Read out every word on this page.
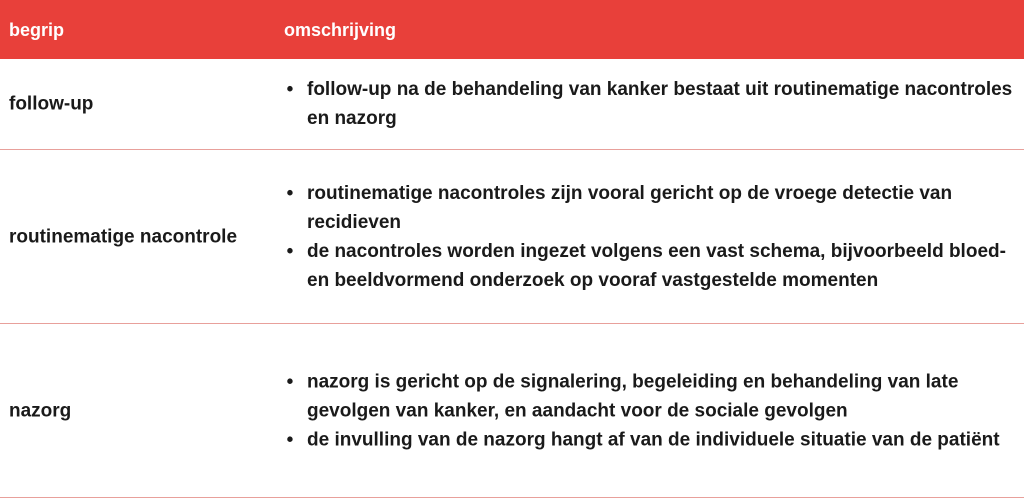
begrip	omschrijving
follow-up
• follow-up na de behandeling van kanker bestaat uit routinematige nacontroles en nazorg
routinematige nacontrole
• routinematige nacontroles zijn vooral gericht op de vroege detectie van recidieven
• de nacontroles worden ingezet volgens een vast schema, bijvoorbeeld bloed- en beeldvormend onderzoek op vooraf vastgestelde momenten
nazorg
• nazorg is gericht op de signalering, begeleiding en behandeling van late gevolgen van kanker, en aandacht voor de sociale gevolgen
• de invulling van de nazorg hangt af van de individuele situatie van de patiënt
